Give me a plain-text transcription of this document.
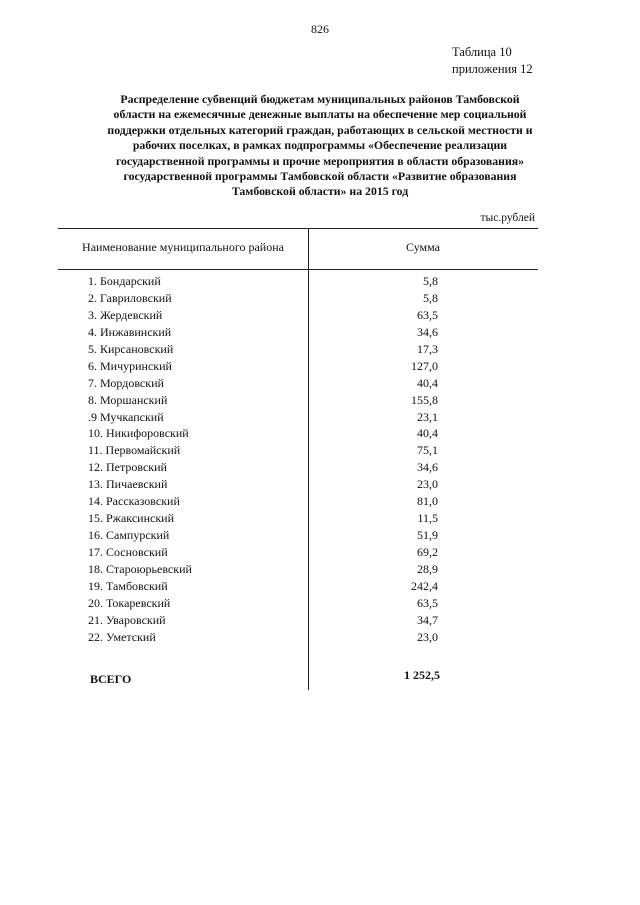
826
Таблица 10
приложения 12
Распределение субвенций бюджетам муниципальных районов Тамбовской
области на ежемесячные денежные выплаты на обеспечение мер социальной
поддержки отдельных категорий граждан, работающих в сельской местности и
рабочих поселках, в рамках подпрограммы «Обеспечение реализации
государственной программы и прочие мероприятия в области образования»
государственной программы Тамбовской области «Развитие образования
Тамбовской области» на 2015 год
тыс.рублей
Наименование муниципального района	Сумма
1. Бондарский	5,8
2. Гавриловский	5,8
3. Жердевский	63,5
4. Инжавинский	34,6
5. Кирсановский	17,3
6. Мичуринский	127,0
7. Мордовский	40,4
8. Моршанский	155,8
.9 Мучкапский	23,1
10. Никифоровский	40,4
11. Первомайский	75,1
12. Петровский	34,6
13. Пичаевский	23,0
14. Рассказовский	81,0
15. Ржаксинский	11,5
16. Сампурский	51,9
17. Сосновский	69,2
18. Староюрьевский	28,9
19. Тамбовский	242,4
20. Токаревский	63,5
21. Уваровский	34,7
22. Уметский	23,0
ВСЕГО	1 252,5
